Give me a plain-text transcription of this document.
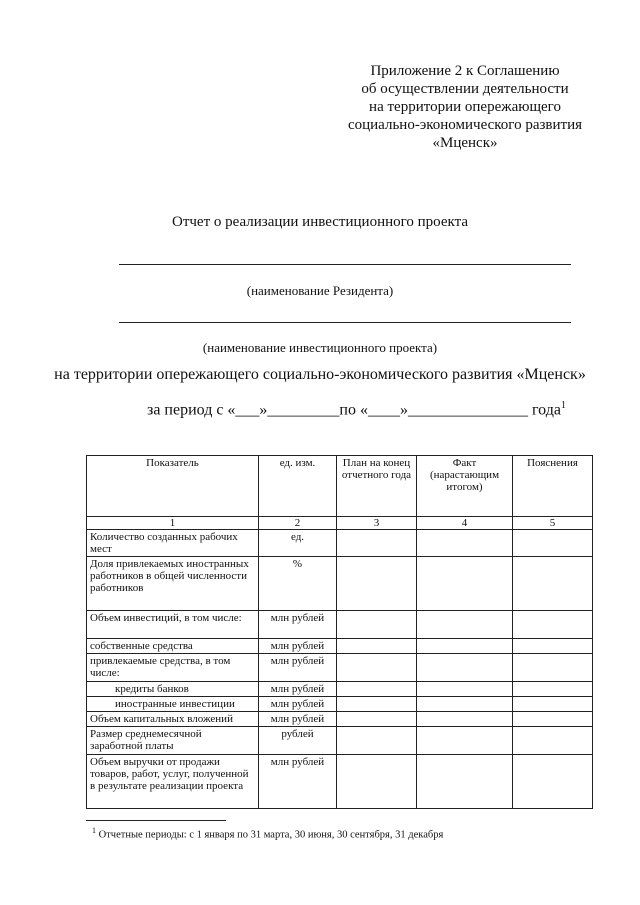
Приложение 2 к Соглашению
об осуществлении деятельности
на территории опережающего
социально-экономического развития
«Мценск»
Отчет о реализации инвестиционного проекта
(наименование Резидента)
(наименование инвестиционного проекта)
на территории опережающего социально-экономического развития «Мценск»
за период с «___»_________по «____»_______________ года$^1$
Показатель	ед. изм.	План на конец отчетного года	Факт (нарастающим итогом)	Пояснения
1	2	3	4	5
Количество созданных рабочих мест	ед.			
Доля привлекаемых иностранных работников в общей численности работников	%			
Объем инвестиций, в том числе:	млн рублей			
собственные средства	млн рублей			
привлекаемые средства, в том числе:	млн рублей			
кредиты банков	млн рублей			
иностранные инвестиции	млн рублей			
Объем капитальных вложений	млн рублей			
Размер среднемесячной заработной платы	рублей			
Объем выручки от продажи товаров, работ, услуг, полученной в результате реализации проекта	млн рублей			
$^1$ Отчетные периоды: с 1 января по 31 марта, 30 июня, 30 сентября, 31 декабря
